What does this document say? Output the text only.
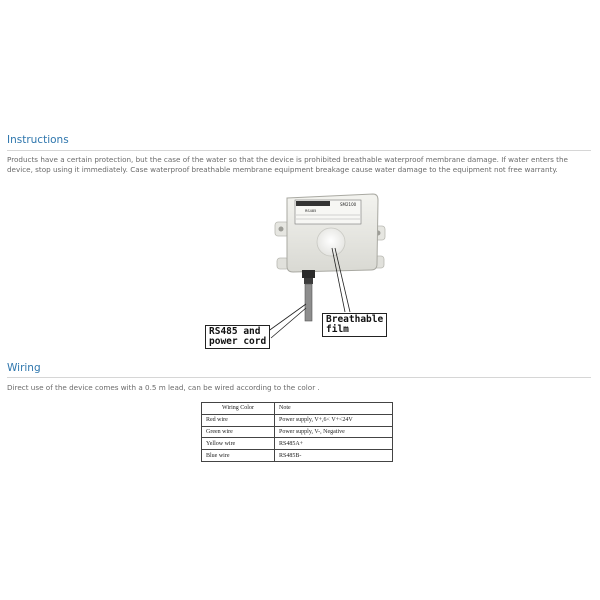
Instructions
Products have a certain protection, but the case of the water so that the device is prohibited breathable waterproof membrane damage. If water enters the device, stop using it immediately. Case waterproof breathable membrane equipment breakage cause water damage to the equipment not free warranty.
SM2100
RS485
RS485 and
power cord
Breathable
film
Wiring
Direct use of the device comes with a 0.5 m lead, can be wired according to the color .
Wiring Color	Note
Red wire	Power supply, V+,6< V+<24V
Green wire	Power supply, V-, Negative
Yellow wire	RS485A+
Blue wire	RS485B-
